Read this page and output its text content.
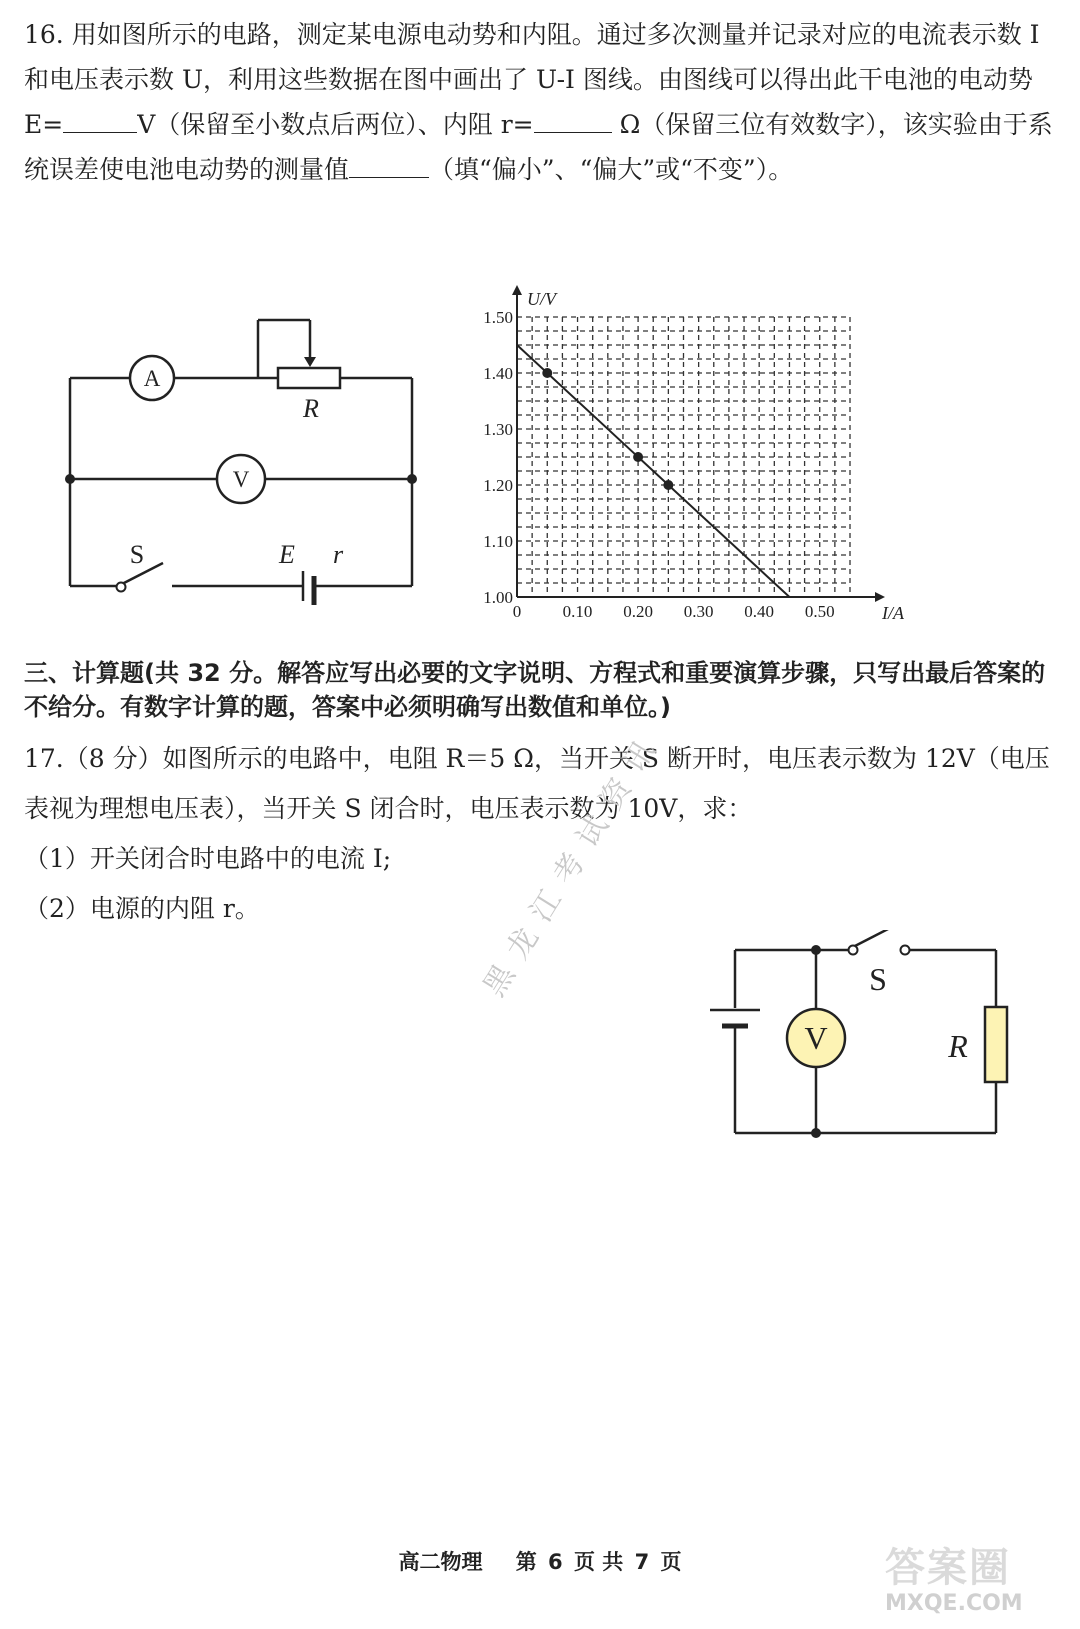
16. 用如图所示的电路，测定某电源电动势和内阻。通过多次测量并记录对应的电流表示数 I 和电压表示数 U，利用这些数据在图中画出了 U-I 图线。由图线可以得出此干电池的电动势 E=	V（保留至小数点后两位）、内阻 r=	Ω（保留三位有效数字），该实验由于系统误差使电池电动势的测量值	（填“偏小”、“偏大”或“不变”）。
A
V
R
S	E r
U/V
I/A
1.00
1.10
1.20
1.30
1.40
1.50
0 0.10 0.20 0.30 0.40 0.50
三、计算题(共 32 分。解答应写出必要的文字说明、方程式和重要演算步骤，只写出最后答案的不给分。有数字计算的题，答案中必须明确写出数值和单位。)
17.（8 分）如图所示的电路中，电阻 R＝5 Ω，当开关 S 断开时，电压表示数为 12V（电压表视为理想电压表），当开关 S 闭合时，电压表示数为 10V，求：
（1）开关闭合时电路中的电流 I;
（2）电源的内阻 r。	黑龙江考试资讯
V
S
R
高二物理 第 6 页 共 7 页	答案圈
MXQE.COM
